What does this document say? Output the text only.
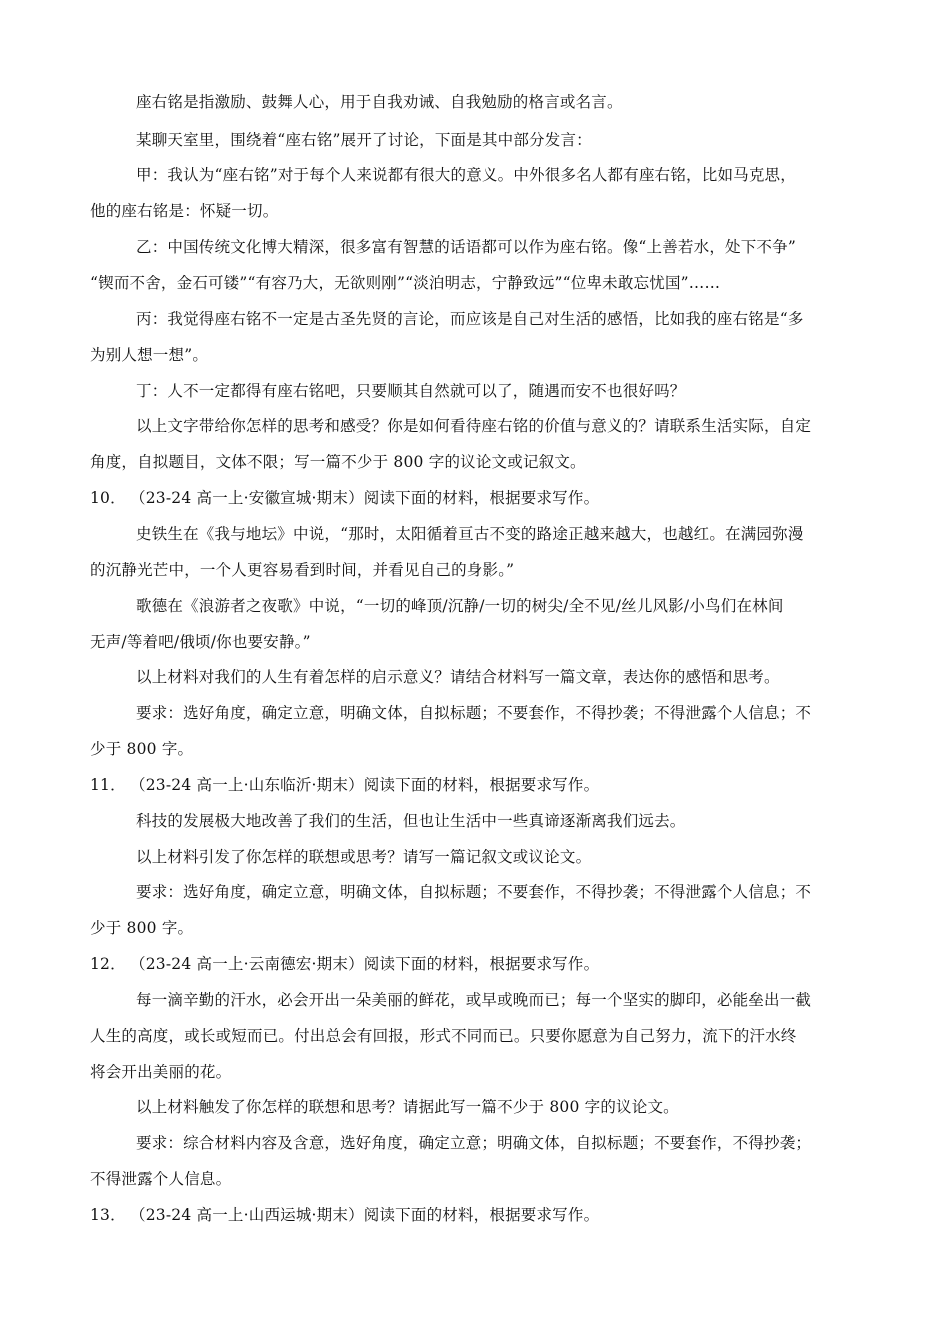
座右铭是指激励、鼓舞人心，用于自我劝诫、自我勉励的格言或名言。
某聊天室里，围绕着“座右铭”展开了讨论，下面是其中部分发言：
甲：我认为“座右铭”对于每个人来说都有很大的意义。中外很多名人都有座右铭，比如马克思，
他的座右铭是：怀疑一切。
乙：中国传统文化博大精深，很多富有智慧的话语都可以作为座右铭。像“上善若水，处下不争”
“锲而不舍，金石可镂”“有容乃大，无欲则刚”“淡泊明志，宁静致远”“位卑未敢忘忧国”……
丙：我觉得座右铭不一定是古圣先贤的言论，而应该是自己对生活的感悟，比如我的座右铭是“多
为别人想一想”。
丁：人不一定都得有座右铭吧，只要顺其自然就可以了，随遇而安不也很好吗？
以上文字带给你怎样的思考和感受？你是如何看待座右铭的价值与意义的？请联系生活实际，自定
角度，自拟题目，文体不限；写一篇不少于 800 字的议论文或记叙文。
10． （23-24 高一上·安徽宣城·期末）阅读下面的材料，根据要求写作。
史铁生在《我与地坛》中说，“那时，太阳循着亘古不变的路途正越来越大，也越红。在满园弥漫
的沉静光芒中，一个人更容易看到时间，并看见自己的身影。”
歌德在《浪游者之夜歌》中说，“一切的峰顶/沉静/一切的树尖/全不见/丝儿风影/小鸟们在林间
无声/等着吧/俄顷/你也要安静。”
以上材料对我们的人生有着怎样的启示意义？请结合材料写一篇文章，表达你的感悟和思考。
要求：选好角度，确定立意，明确文体，自拟标题；不要套作，不得抄袭；不得泄露个人信息；不
少于 800 字。
11． （23-24 高一上·山东临沂·期末）阅读下面的材料，根据要求写作。
科技的发展极大地改善了我们的生活，但也让生活中一些真谛逐渐离我们远去。
以上材料引发了你怎样的联想或思考？请写一篇记叙文或议论文。
要求：选好角度，确定立意，明确文体，自拟标题；不要套作，不得抄袭；不得泄露个人信息；不
少于 800 字。
12． （23-24 高一上·云南德宏·期末）阅读下面的材料，根据要求写作。
每一滴辛勤的汗水，必会开出一朵美丽的鲜花，或早或晚而已；每一个坚实的脚印，必能垒出一截
人生的高度，或长或短而已。付出总会有回报，形式不同而已。只要你愿意为自己努力，流下的汗水终
将会开出美丽的花。
以上材料触发了你怎样的联想和思考？请据此写一篇不少于 800 字的议论文。
要求：综合材料内容及含意，选好角度，确定立意；明确文体，自拟标题；不要套作，不得抄袭；
不得泄露个人信息。
13． （23-24 高一上·山西运城·期末）阅读下面的材料，根据要求写作。
